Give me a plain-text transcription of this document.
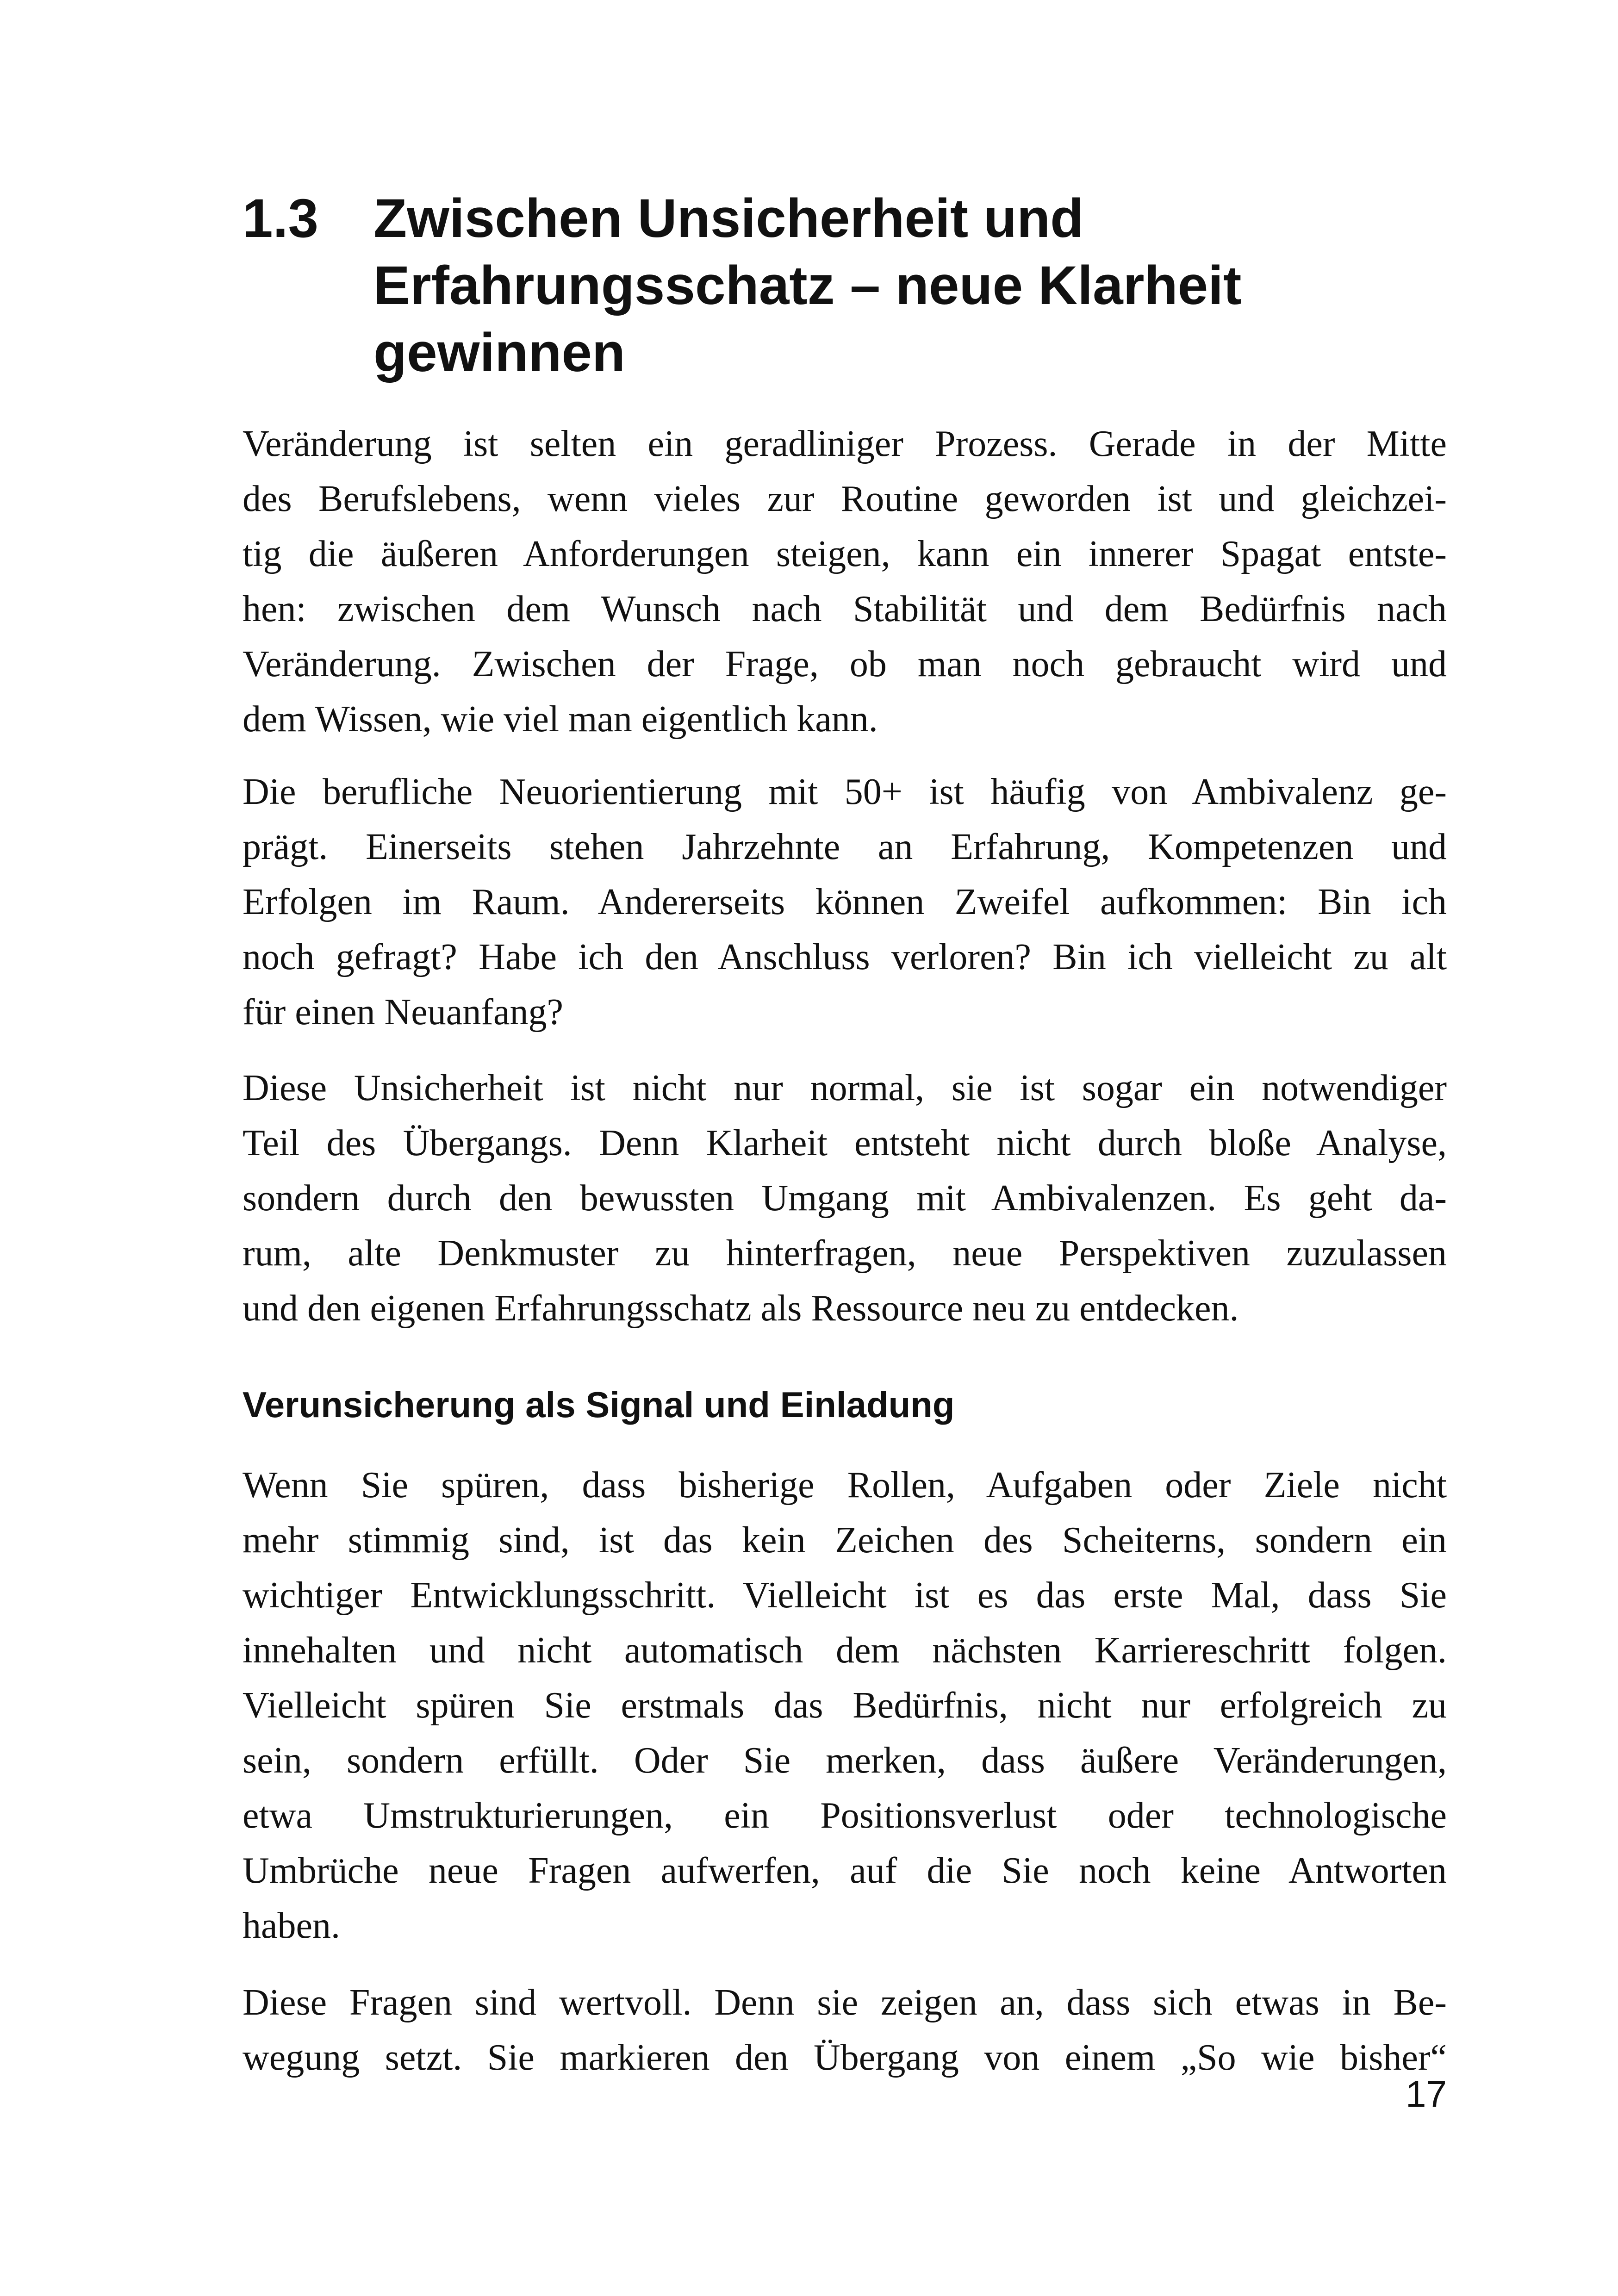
1.3 Zwischen Unsicherheit und
Erfahrungsschatz – neue Klarheit
gewinnen
Veränderung ist selten ein geradliniger Prozess. Gerade in der Mitte
des Berufslebens, wenn vieles zur Routine geworden ist und gleichzei-
tig die äußeren Anforderungen steigen, kann ein innerer Spagat entste-
hen: zwischen dem Wunsch nach Stabilität und dem Bedürfnis nach
Veränderung. Zwischen der Frage, ob man noch gebraucht wird und
dem Wissen, wie viel man eigentlich kann.
Die berufliche Neuorientierung mit 50+ ist häufig von Ambivalenz ge-
prägt. Einerseits stehen Jahrzehnte an Erfahrung, Kompetenzen und
Erfolgen im Raum. Andererseits können Zweifel aufkommen: Bin ich
noch gefragt? Habe ich den Anschluss verloren? Bin ich vielleicht zu alt
für einen Neuanfang?
Diese Unsicherheit ist nicht nur normal, sie ist sogar ein notwendiger
Teil des Übergangs. Denn Klarheit entsteht nicht durch bloße Analyse,
sondern durch den bewussten Umgang mit Ambivalenzen. Es geht da-
rum, alte Denkmuster zu hinterfragen, neue Perspektiven zuzulassen
und den eigenen Erfahrungsschatz als Ressource neu zu entdecken.
Verunsicherung als Signal und Einladung
Wenn Sie spüren, dass bisherige Rollen, Aufgaben oder Ziele nicht
mehr stimmig sind, ist das kein Zeichen des Scheiterns, sondern ein
wichtiger Entwicklungsschritt. Vielleicht ist es das erste Mal, dass Sie
innehalten und nicht automatisch dem nächsten Karriereschritt folgen.
Vielleicht spüren Sie erstmals das Bedürfnis, nicht nur erfolgreich zu
sein, sondern erfüllt. Oder Sie merken, dass äußere Veränderungen,
etwa Umstrukturierungen, ein Positionsverlust oder technologische
Umbrüche neue Fragen aufwerfen, auf die Sie noch keine Antworten
haben.
Diese Fragen sind wertvoll. Denn sie zeigen an, dass sich etwas in Be-
wegung setzt. Sie markieren den Übergang von einem „So wie bisher“
17
